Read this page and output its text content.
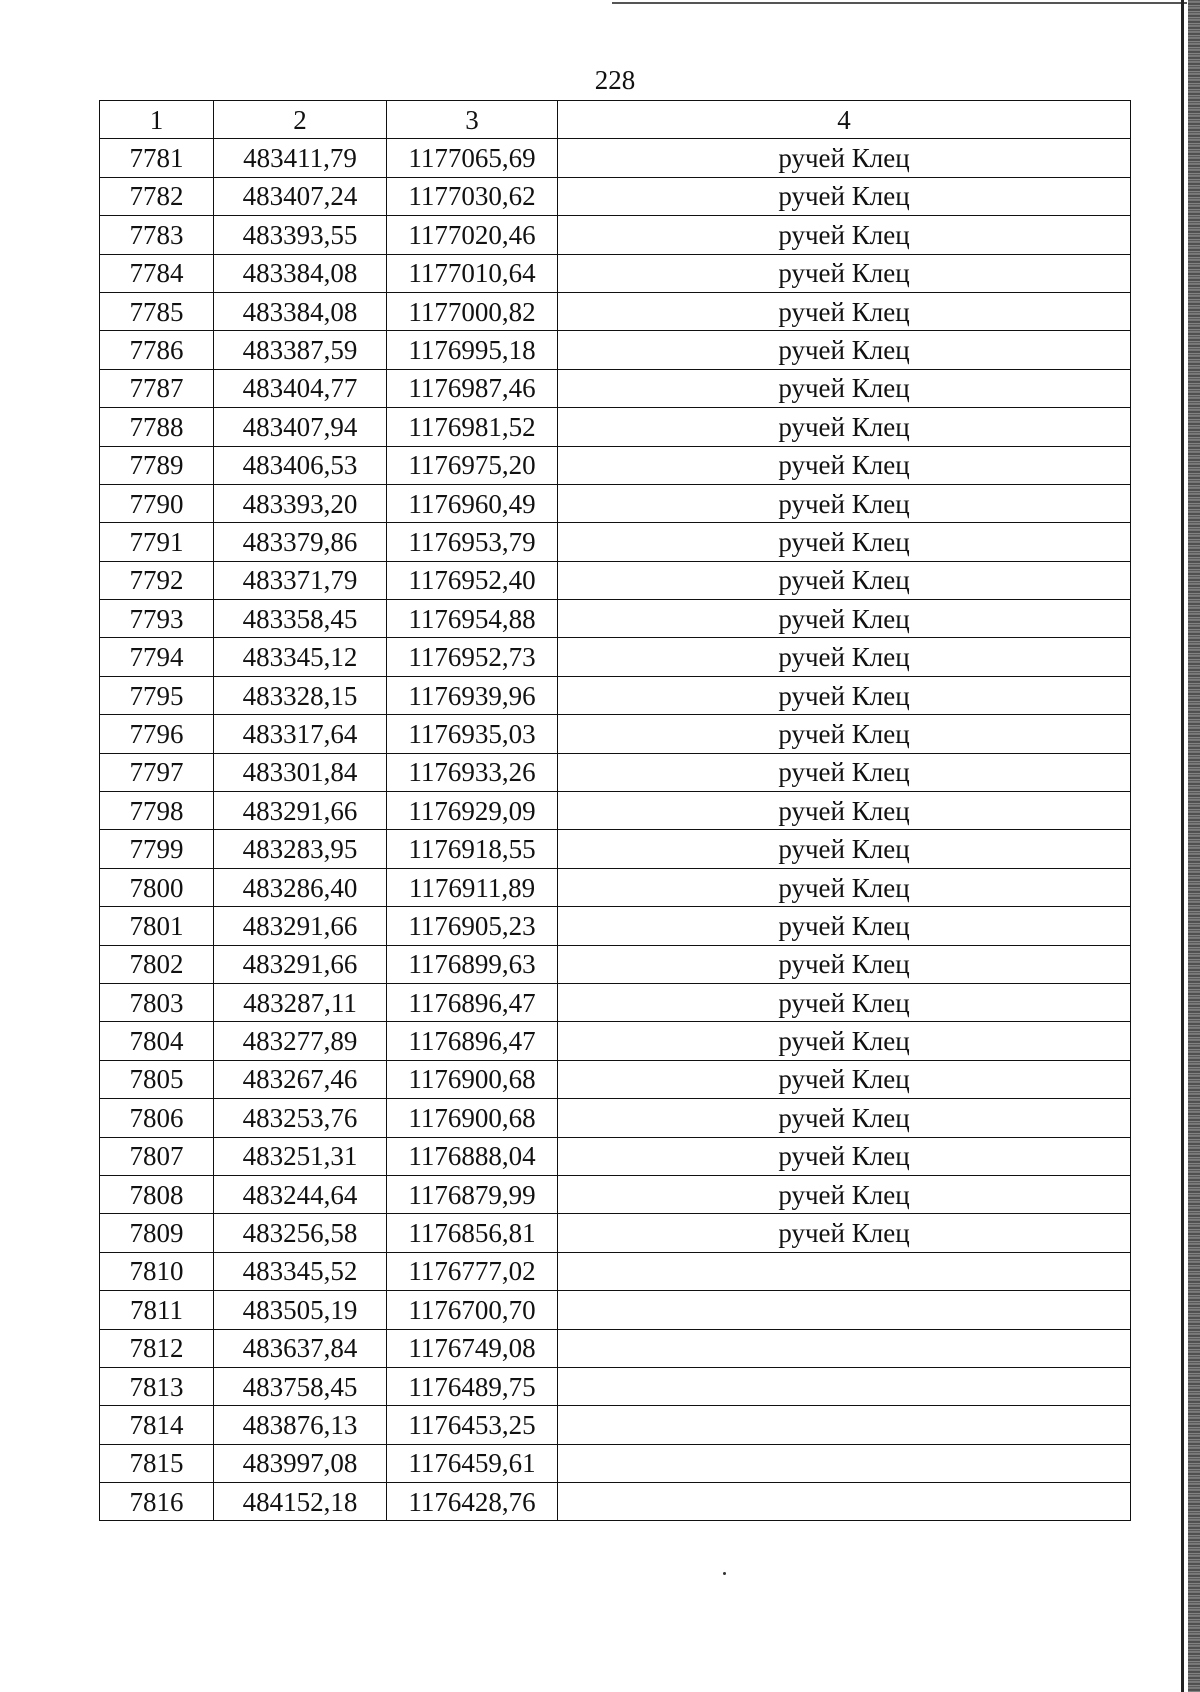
228
1	2	3	4
7781	483411,79	1177065,69	ручей Клец
7782	483407,24	1177030,62	ручей Клец
7783	483393,55	1177020,46	ручей Клец
7784	483384,08	1177010,64	ручей Клец
7785	483384,08	1177000,82	ручей Клец
7786	483387,59	1176995,18	ручей Клец
7787	483404,77	1176987,46	ручей Клец
7788	483407,94	1176981,52	ручей Клец
7789	483406,53	1176975,20	ручей Клец
7790	483393,20	1176960,49	ручей Клец
7791	483379,86	1176953,79	ручей Клец
7792	483371,79	1176952,40	ручей Клец
7793	483358,45	1176954,88	ручей Клец
7794	483345,12	1176952,73	ручей Клец
7795	483328,15	1176939,96	ручей Клец
7796	483317,64	1176935,03	ручей Клец
7797	483301,84	1176933,26	ручей Клец
7798	483291,66	1176929,09	ручей Клец
7799	483283,95	1176918,55	ручей Клец
7800	483286,40	1176911,89	ручей Клец
7801	483291,66	1176905,23	ручей Клец
7802	483291,66	1176899,63	ручей Клец
7803	483287,11	1176896,47	ручей Клец
7804	483277,89	1176896,47	ручей Клец
7805	483267,46	1176900,68	ручей Клец
7806	483253,76	1176900,68	ручей Клец
7807	483251,31	1176888,04	ручей Клец
7808	483244,64	1176879,99	ручей Клец
7809	483256,58	1176856,81	ручей Клец
7810	483345,52	1176777,02	
7811	483505,19	1176700,70	
7812	483637,84	1176749,08	
7813	483758,45	1176489,75	
7814	483876,13	1176453,25	
7815	483997,08	1176459,61	
7816	484152,18	1176428,76	
